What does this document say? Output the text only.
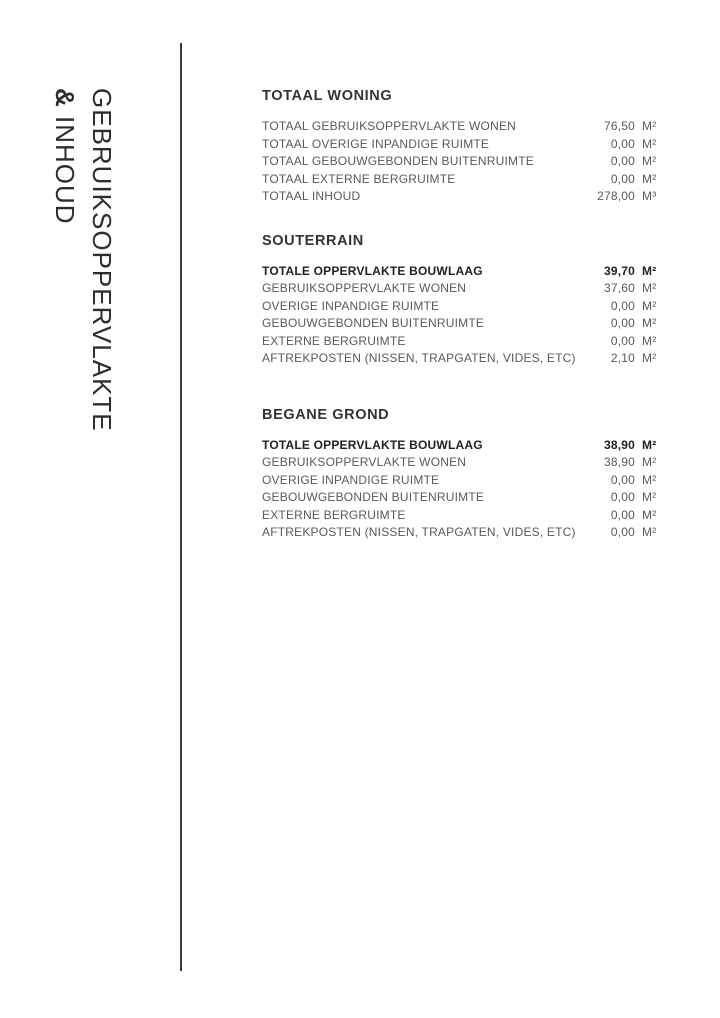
GEBRUIKSOPPERVLAKTE
& INHOUD
TOTAAL WONING
TOTAAL GEBRUIKSOPPERVLAKTE WONEN	76,50 M²
TOTAAL OVERIGE INPANDIGE RUIMTE	0,00 M²
TOTAAL GEBOUWGEBONDEN BUITENRUIMTE	0,00 M²
TOTAAL EXTERNE BERGRUIMTE	0,00 M²
TOTAAL INHOUD	278,00 M³
SOUTERRAIN
TOTALE OPPERVLAKTE BOUWLAAG	39,70 M²
GEBRUIKSOPPERVLAKTE WONEN	37,60 M²
OVERIGE INPANDIGE RUIMTE	0,00 M²
GEBOUWGEBONDEN BUITENRUIMTE	0,00 M²
EXTERNE BERGRUIMTE	0,00 M²
AFTREKPOSTEN (NISSEN, TRAPGATEN, VIDES, ETC)	2,10 M²
BEGANE GROND
TOTALE OPPERVLAKTE BOUWLAAG	38,90 M²
GEBRUIKSOPPERVLAKTE WONEN	38,90 M²
OVERIGE INPANDIGE RUIMTE	0,00 M²
GEBOUWGEBONDEN BUITENRUIMTE	0,00 M²
EXTERNE BERGRUIMTE	0,00 M²
AFTREKPOSTEN (NISSEN, TRAPGATEN, VIDES, ETC)	0,00 M²
